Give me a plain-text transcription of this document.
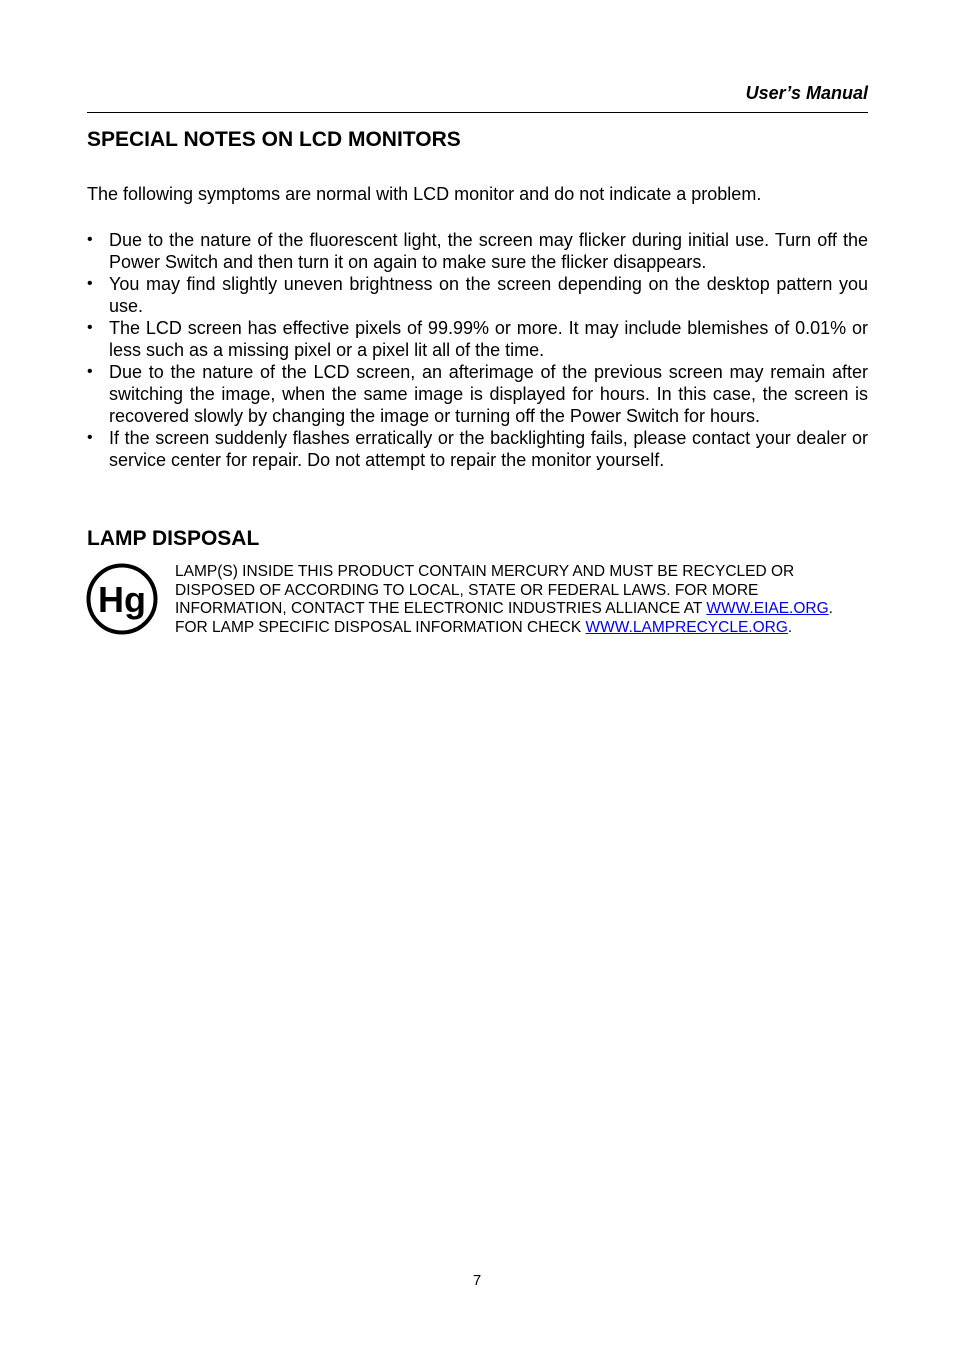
User’s Manual
SPECIAL NOTES ON LCD MONITORS

The following symptoms are normal with LCD monitor and do not indicate a problem.

• Due to the nature of the fluorescent light, the screen may flicker during initial use. Turn off the Power Switch and then turn it on again to make sure the flicker disappears.
• You may find slightly uneven brightness on the screen depending on the desktop pattern you use.
• The LCD screen has effective pixels of 99.99% or more. It may include blemishes of 0.01% or less such as a missing pixel or a pixel lit all of the time.
• Due to the nature of the LCD screen, an afterimage of the previous screen may remain after switching the image, when the same image is displayed for hours. In this case, the screen is recovered slowly by changing the image or turning off the Power Switch for hours.
• If the screen suddenly flashes erratically or the backlighting fails, please contact your dealer or service center for repair. Do not attempt to repair the monitor yourself.
LAMP DISPOSAL
Hg

LAMP(S) INSIDE THIS PRODUCT CONTAIN MERCURY AND MUST BE RECYCLED OR
DISPOSED OF ACCORDING TO LOCAL, STATE OR FEDERAL LAWS. FOR MORE
INFORMATION, CONTACT THE ELECTRONIC INDUSTRIES ALLIANCE AT WWW.EIAE.ORG.
FOR LAMP SPECIFIC DISPOSAL INFORMATION CHECK WWW.LAMPRECYCLE.ORG.

7
